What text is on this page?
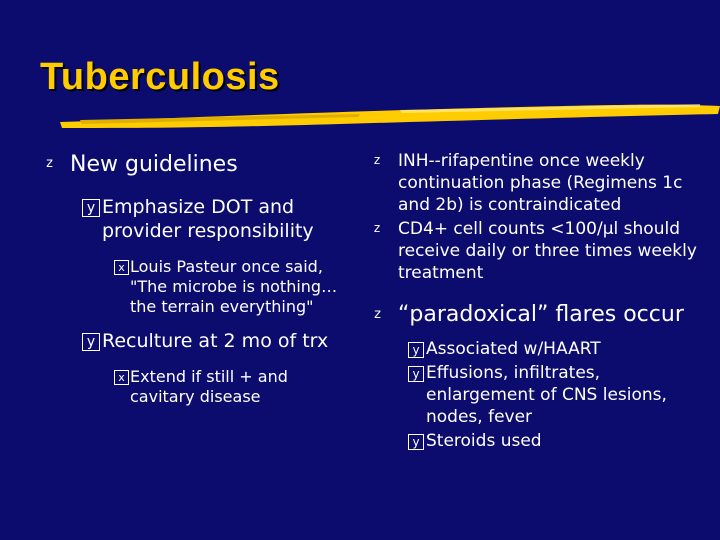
Tuberculosis
z New guidelines
y Emphasize DOT and provider responsibility
x Louis Pasteur once said, "The microbe is nothing…the terrain everything"
y Reculture at 2 mo of trx
x Extend if still + and cavitary disease
z INH--rifapentine once weekly continuation phase (Regimens 1c and 2b) is contraindicated
z CD4+ cell counts <100/µl should receive daily or three times weekly treatment
z “paradoxical” flares occur
y Associated w/HAART
y Effusions, infiltrates, enlargement of CNS lesions, nodes, fever
y Steroids used
